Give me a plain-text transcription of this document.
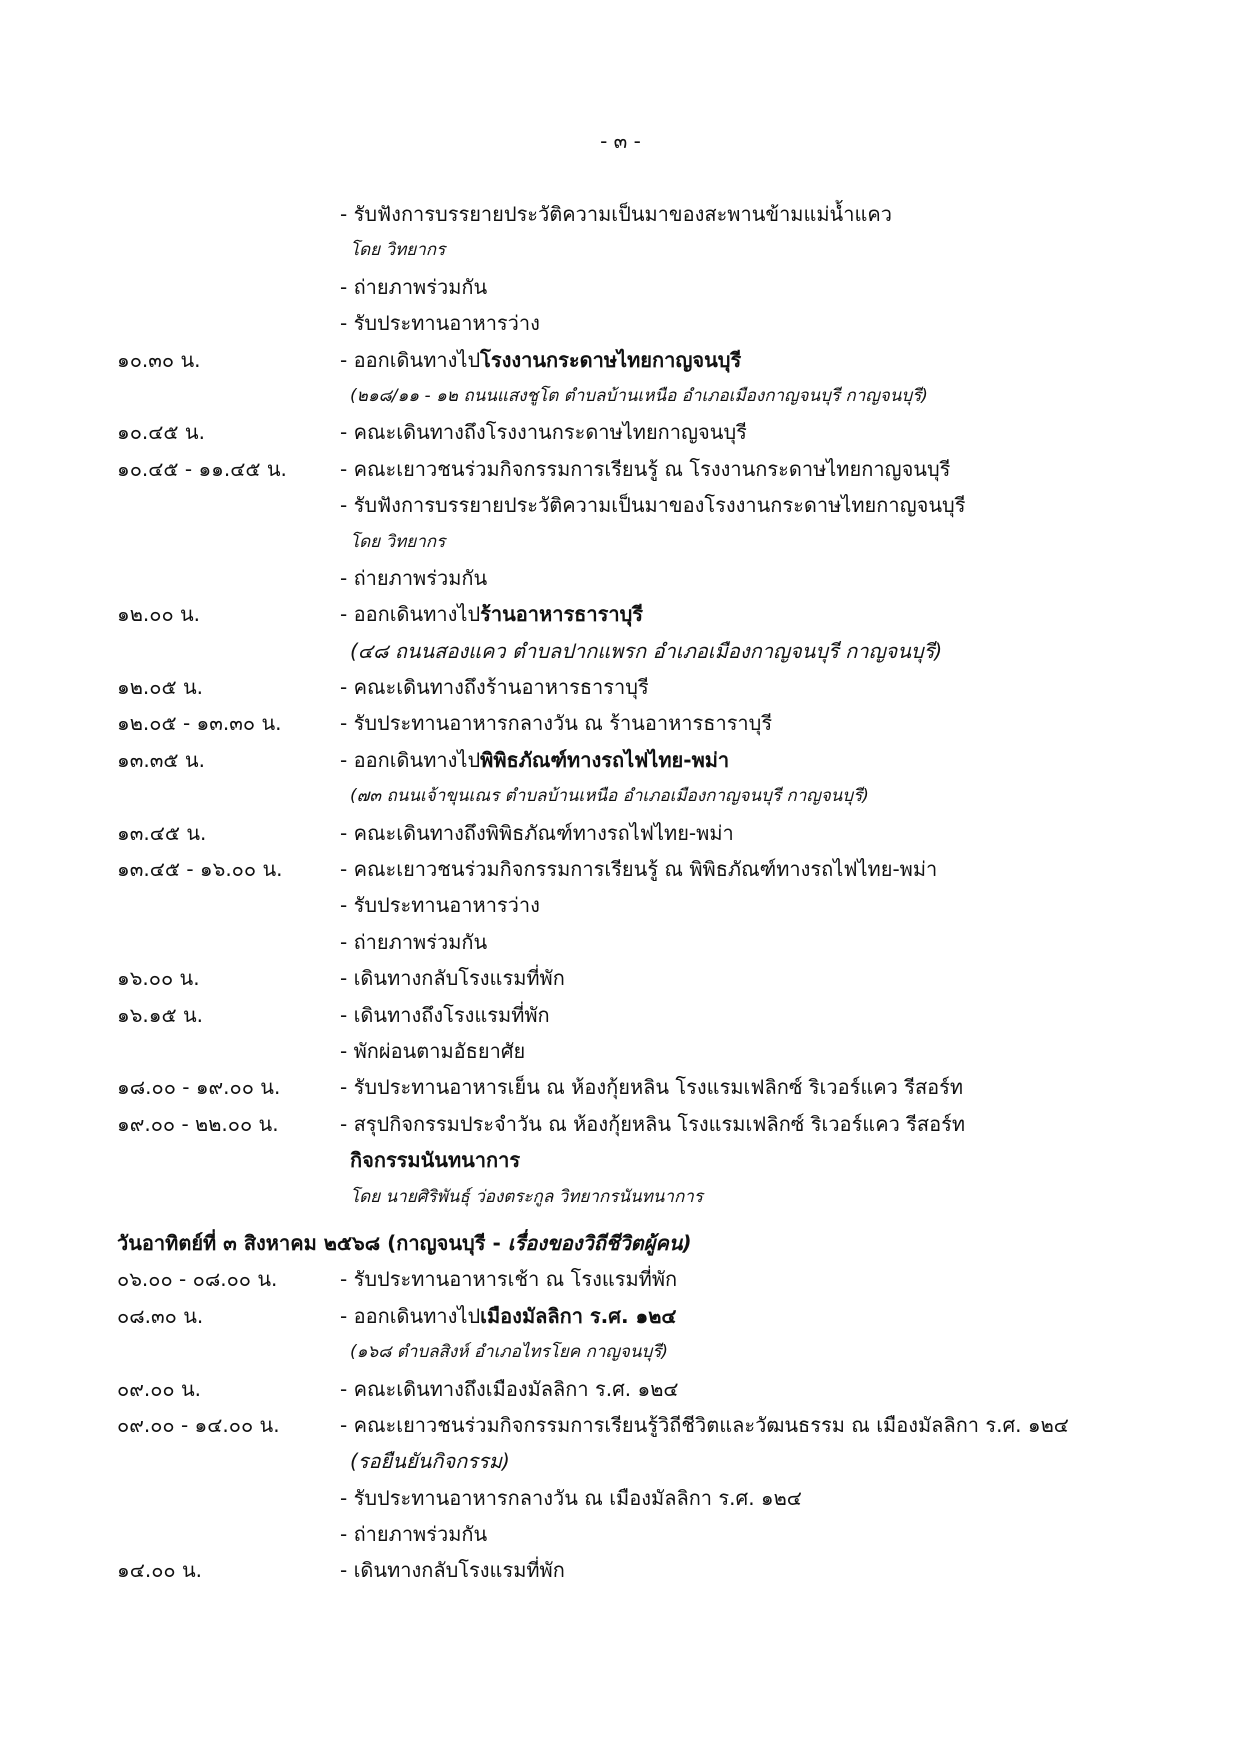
- ๓ -
- รับฟังการบรรยายประวัติความเป็นมาของสะพานข้ามแม่น้ำแคว
โดย วิทยากร
- ถ่ายภาพร่วมกัน
- รับประทานอาหารว่าง
๑๐.๓๐ น.	- ออกเดินทางไปโรงงานกระดาษไทยกาญจนบุรี
(๒๑๘/๑๑ - ๑๒ ถนนแสงชูโต ตำบลบ้านเหนือ อำเภอเมืองกาญจนบุรี กาญจนบุรี)
๑๐.๔๕ น.	- คณะเดินทางถึงโรงงานกระดาษไทยกาญจนบุรี
๑๐.๔๕ - ๑๑.๔๕ น.	- คณะเยาวชนร่วมกิจกรรมการเรียนรู้ ณ โรงงานกระดาษไทยกาญจนบุรี
- รับฟังการบรรยายประวัติความเป็นมาของโรงงานกระดาษไทยกาญจนบุรี
โดย วิทยากร
- ถ่ายภาพร่วมกัน
๑๒.๐๐ น.	- ออกเดินทางไปร้านอาหารธาราบุรี
(๔๘ ถนนสองแคว ตำบลปากแพรก อำเภอเมืองกาญจนบุรี กาญจนบุรี)
๑๒.๐๕ น.	- คณะเดินทางถึงร้านอาหารธาราบุรี
๑๒.๐๕ - ๑๓.๓๐ น.	- รับประทานอาหารกลางวัน ณ ร้านอาหารธาราบุรี
๑๓.๓๕ น.	- ออกเดินทางไปพิพิธภัณฑ์ทางรถไฟไทย-พม่า
(๗๓ ถนนเจ้าขุนเณร ตำบลบ้านเหนือ อำเภอเมืองกาญจนบุรี กาญจนบุรี)
๑๓.๔๕ น.	- คณะเดินทางถึงพิพิธภัณฑ์ทางรถไฟไทย-พม่า
๑๓.๔๕ - ๑๖.๐๐ น.	- คณะเยาวชนร่วมกิจกรรมการเรียนรู้ ณ พิพิธภัณฑ์ทางรถไฟไทย-พม่า
- รับประทานอาหารว่าง
- ถ่ายภาพร่วมกัน
๑๖.๐๐ น.	- เดินทางกลับโรงแรมที่พัก
๑๖.๑๕ น.	- เดินทางถึงโรงแรมที่พัก
- พักผ่อนตามอัธยาศัย
๑๘.๐๐ - ๑๙.๐๐ น.	- รับประทานอาหารเย็น ณ ห้องกุ้ยหลิน โรงแรมเฟลิกซ์ ริเวอร์แคว รีสอร์ท
๑๙.๐๐ - ๒๒.๐๐ น.	- สรุปกิจกรรมประจำวัน ณ ห้องกุ้ยหลิน โรงแรมเฟลิกซ์ ริเวอร์แคว รีสอร์ท
กิจกรรมนันทนาการ
โดย นายศิริพันธุ์ ว่องตระกูล วิทยากรนันทนาการ
วันอาทิตย์ที่ ๓ สิงหาคม ๒๕๖๘ (กาญจนบุรี - เรื่องของวิถีชีวิตผู้คน)
๐๖.๐๐ - ๐๘.๐๐ น.	- รับประทานอาหารเช้า ณ โรงแรมที่พัก
๐๘.๓๐ น.	- ออกเดินทางไปเมืองมัลลิกา ร.ศ. ๑๒๔
(๑๖๘ ตำบลสิงห์ อำเภอไทรโยค กาญจนบุรี)
๐๙.๐๐ น.	- คณะเดินทางถึงเมืองมัลลิกา ร.ศ. ๑๒๔
๐๙.๐๐ - ๑๔.๐๐ น.	- คณะเยาวชนร่วมกิจกรรมการเรียนรู้วิถีชีวิตและวัฒนธรรม ณ เมืองมัลลิกา ร.ศ. ๑๒๔
(รอยืนยันกิจกรรม)
- รับประทานอาหารกลางวัน ณ เมืองมัลลิกา ร.ศ. ๑๒๔
- ถ่ายภาพร่วมกัน
๑๔.๐๐ น.	- เดินทางกลับโรงแรมที่พัก
